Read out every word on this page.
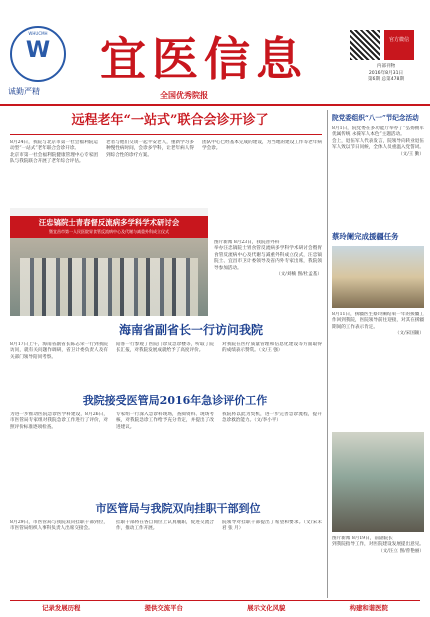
W
WHUCMH
诚勤严精
宜医信息
全国优秀院报
官方微信
内部刊物
2016年8月31日
第6期 总第478期
远程老年“一站式”联合会诊开诊了

8月24日，我院与北京市第一社会福利院运动型“一站式”老年联合会诊开诊。

北京市第一社会福利院健康管理中心专家团队与我院联合开展了老年综合评估。

老者与他们交谈一起平安老人，重新学习多种慢性病时间，会诊多学科，让老年病人得到综合性的诊疗方案。

团队中心已经基本完成的建设，为当地的建设工作等老年病学会诊。

汪忠镐院士青春督反流病多学科学术研讨会
暨宜昌市第一人民医院胃食管反流病中心及代谢与减重外科成立仪式

图片新闻 8月23日，我院普外科

举办汪忠镐院士胃食管反流病多学科学术研讨会暨胃食管反流病中心及代谢与减重外科成立仪式，汪忠镐院士、宜昌市卫计委领导及省内外专家出席，我院领导参加活动。

（文/刘楠 图/杜孟基）

海南省副省长一行访问我院
8月17日上午，海南省副省长陈志荣一行到我院访问，就有关问题作调研，省卫计委负责人及有关部门领导陪同考察。
陪客一行参观了医院门诊及急诊楼等，听取了院长汇报，对我院发展成就给予了高度评价。
对我院在医疗质量管理和信息化建设等方面取得的成绩表示赞赏。（文/王 强）
我院接受医管局2016年急诊评价工作
为进一步推动医院急诊医学科建设，8月26日，市医管局专家组对我院急诊工作进行了评价，对照评价标准逐项检查。
专家组一行深入急诊科现场，查阅资料、现场考核，对我院急诊工作给予充分肯定，并提出了改进建议。
我院将以此为契机，进一步完善急诊流程，提升急诊救治能力。（文/李小平）
市医管局与我院双向挂职干部到位
8月29日，市医管局与我院双向挂职干部到位，市医管局组织人事科负责人出席交接会。
挂职干部将在各自岗位上认真履职，促进交流合作，推动工作开展。
院领导对挂职干部提出了希望和要求。（文/宋未君 张 月）
院党委组织“八一”节纪念活动

8月1日，院党委在多功能厅举办了“弘扬拥军优属传统 永葆军人本色”主题活动。

会上，退伍军人代表发言，院领导向转业退伍军人致以节日问候，全体人员重温入党誓词。

（文/王 勤）

蔡玲阑完成援疆任务

8月11日，援疆医生蔡玲阑结束一年的援疆工作回到我院，医院领导前往迎接，对其在援疆期间的工作表示肯定。

（文/宋国颖）

图片新闻 8月19日，前副院长

到我院指导工作，对医院建设发展提出意见。

（文/汪立 图/曾艳丽）

记录发展历程	提供交流平台	展示文化风貌	构建和谐医院
